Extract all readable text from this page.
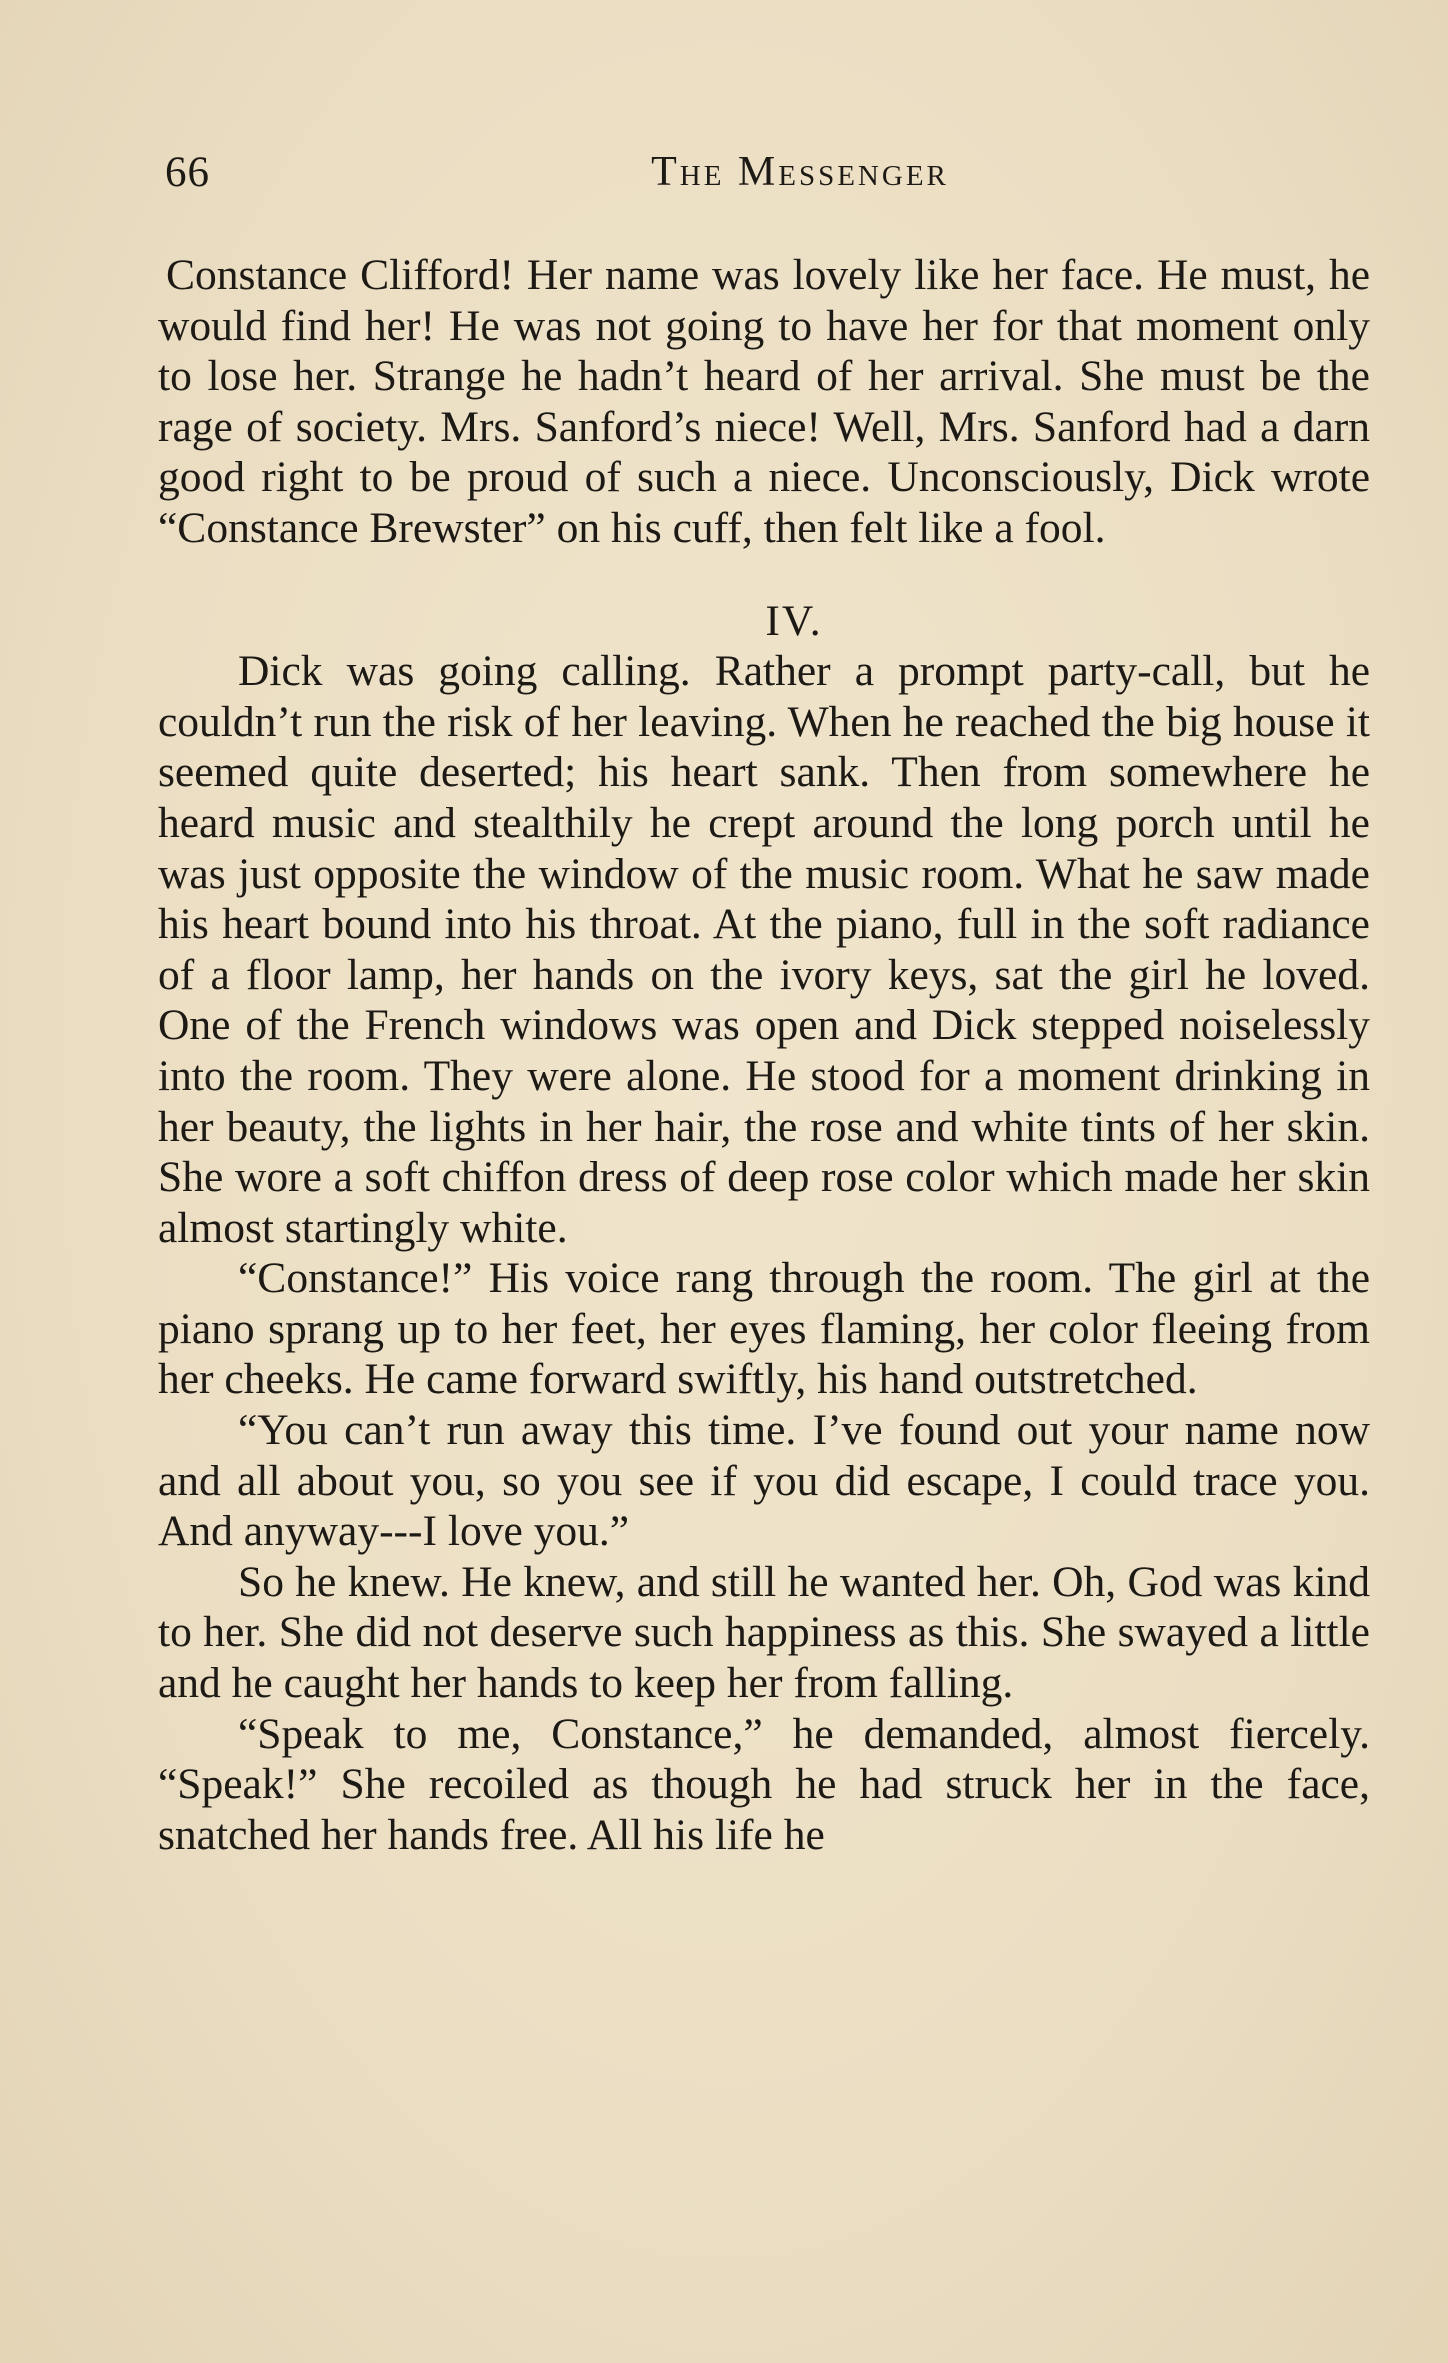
66	The Messenger

Constance Clifford! Her name was lovely like her face. He must, he would find her! He was not going to have her for that moment only to lose her. Strange he hadn’t heard of her arrival. She must be the rage of society. Mrs. Sanford’s niece! Well, Mrs. Sanford had a darn good right to be proud of such a niece. Unconsciously, Dick wrote “Constance Brewster” on his cuff, then felt like a fool.

IV.

Dick was going calling. Rather a prompt party-call, but he couldn’t run the risk of her leaving. When he reached the big house it seemed quite deserted; his heart sank. Then from somewhere he heard music and stealthily he crept around the long porch until he was just opposite the window of the music room. What he saw made his heart bound into his throat. At the piano, full in the soft radiance of a floor lamp, her hands on the ivory keys, sat the girl he loved. One of the French windows was open and Dick stepped noiselessly into the room. They were alone. He stood for a moment drinking in her beauty, the lights in her hair, the rose and white tints of her skin. She wore a soft chiffon dress of deep rose color which made her skin almost startingly white.

“Constance!” His voice rang through the room. The girl at the piano sprang up to her feet, her eyes flaming, her color fleeing from her cheeks. He came forward swiftly, his hand outstretched.

“You can’t run away this time. I’ve found out your name now and all about you, so you see if you did escape, I could trace you. And anyway---I love you.”

So he knew. He knew, and still he wanted her. Oh, God was kind to her. She did not deserve such happiness as this. She swayed a little and he caught her hands to keep her from falling.

“Speak to me, Constance,” he demanded, almost fiercely. “Speak!” She recoiled as though he had struck her in the face, snatched her hands free. All his life he
